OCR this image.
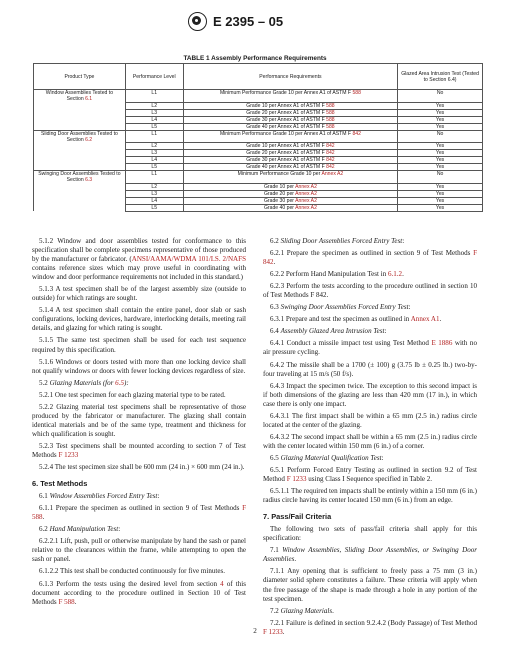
E 2395 – 05
TABLE 1 Assembly Performance Requirements
Product Type	Performance Level	Performance Requirements	Glazed Area Intrusion Test (Tested to Section 6.4)
Window Assemblies Tested to
Section 6.1	L1	Minimum Performance Grade 10 per Annex A1 of ASTM F 588	No
	L2	Grade 10 per Annex A1 of ASTM F 588	Yes
	L3	Grade 20 per Annex A1 of ASTM F 588	Yes
	L4	Grade 30 per Annex A1 of ASTM F 588	Yes
	L5	Grade 40 per Annex A1 of ASTM F 588	Yes
Sliding Door Assemblies Tested to
Section 6.2	L1	Minimum Performance Grade 10 per Annex A1 of ASTM F 842	No
	L2	Grade 10 per Annex A1 of ASTM F 842	Yes
	L3	Grade 20 per Annex A1 of ASTM F 842	Yes
	L4	Grade 30 per Annex A1 of ASTM F 842	Yes
	L5	Grade 40 per Annex A1 of ASTM F 842	Yes
Swinging Door Assemblies Tested to
Section 6.3	L1	Minimum Performance Grade 10 per Annex A2	No
	L2	Grade 10 per Annex A2	Yes
	L3	Grade 20 per Annex A2	Yes
	L4	Grade 30 per Annex A2	Yes
	L5	Grade 40 per Annex A2	Yes

5.1.2 Window and door assemblies tested for conformance to this specification shall be complete specimens representative of those produced by the manufacturer or fabricator. (ANSI/AAMA/WDMA 101/I.S. 2/NAFS contains reference sizes which may prove useful in coordinating with window and door performance requirements not included in this standard.)

5.1.3 A test specimen shall be of the largest assembly size (outside to outside) for which ratings are sought.

5.1.4 A test specimen shall contain the entire panel, door slab or sash configurations, locking devices, hardware, interlocking details, meeting rail details, and glazing for which rating is sought.

5.1.5 The same test specimen shall be used for each test sequence required by this specification.

5.1.6 Windows or doors tested with more than one locking device shall not qualify windows or doors with fewer locking devices regardless of size.

5.2 Glazing Materials (for 6.5):

5.2.1 One test specimen for each glazing material type to be rated.

5.2.2 Glazing material test specimens shall be representative of those produced by the fabricator or manufacturer. The glazing shall contain identical materials and be of the same type, treatment and thickness for which qualification is sought.

5.2.3 Test specimens shall be mounted according to section 7 of Test Methods F 1233

5.2.4 The test specimen size shall be 600 mm (24 in.) × 600 mm (24 in.).

6. Test Methods

6.1 Window Assemblies Forced Entry Test:

6.1.1 Prepare the specimen as outlined in section 9 of Test Methods F 588.

6.2 Hand Manipulation Test:

6.2.2.1 Lift, push, pull or otherwise manipulate by hand the sash or panel relative to the clearances within the frame, while attempting to open the sash or panel.

6.1.2.2 This test shall be conducted continuously for five minutes.

6.1.3 Perform the tests using the desired level from section 4 of this document according to the procedure outlined in Section 10 of Test Methods F 588.

6.2 Sliding Door Assemblies Forced Entry Test:

6.2.1 Prepare the specimen as outlined in section 9 of Test Methods F 842.

6.2.2 Perform Hand Manipulation Test in 6.1.2.

6.2.3 Perform the tests according to the procedure outlined in section 10 of Test Methods F 842.

6.3 Swinging Door Assemblies Forced Entry Test:

6.3.1 Prepare and test the specimen as outlined in Annex A1.

6.4 Assembly Glazed Area Intrusion Test:

6.4.1 Conduct a missile impact test using Test Method E 1886 with no air pressure cycling.

6.4.2 The missile shall be a 1700 (± 100) g (3.75 lb ± 0.25 lb.) two-by-four traveling at 15 m/s (50 f/s).

6.4.3 Impact the specimen twice. The exception to this second impact is if both dimensions of the glazing are less than 420 mm (17 in.), in which case there is only one impact.

6.4.3.1 The first impact shall be within a 65 mm (2.5 in.) radius circle located at the center of the glazing.

6.4.3.2 The second impact shall be within a 65 mm (2.5 in.) radius circle with the center located within 150 mm (6 in.) of a corner.

6.5 Glazing Material Qualification Test:

6.5.1 Perform Forced Entry Testing as outlined in section 9.2 of Test Method F 1233 using Class I Sequence specified in Table 2.

6.5.1.1 The required ten impacts shall be entirely within a 150 mm (6 in.) radius circle having its center located 150 mm (6 in.) from an edge.

7. Pass/Fail Criteria

The following two sets of pass/fail criteria shall apply for this specification:

7.1 Window Assemblies, Sliding Door Assemblies, or Swinging Door Assemblies.

7.1.1 Any opening that is sufficient to freely pass a 75 mm (3 in.) diameter solid sphere constitutes a failure. These criteria will apply when the free passage of the shape is made through a hole in any portion of the test specimen.

7.2 Glazing Materials.

7.2.1 Failure is defined in section 9.2.4.2 (Body Passage) of Test Method F 1233.

2
